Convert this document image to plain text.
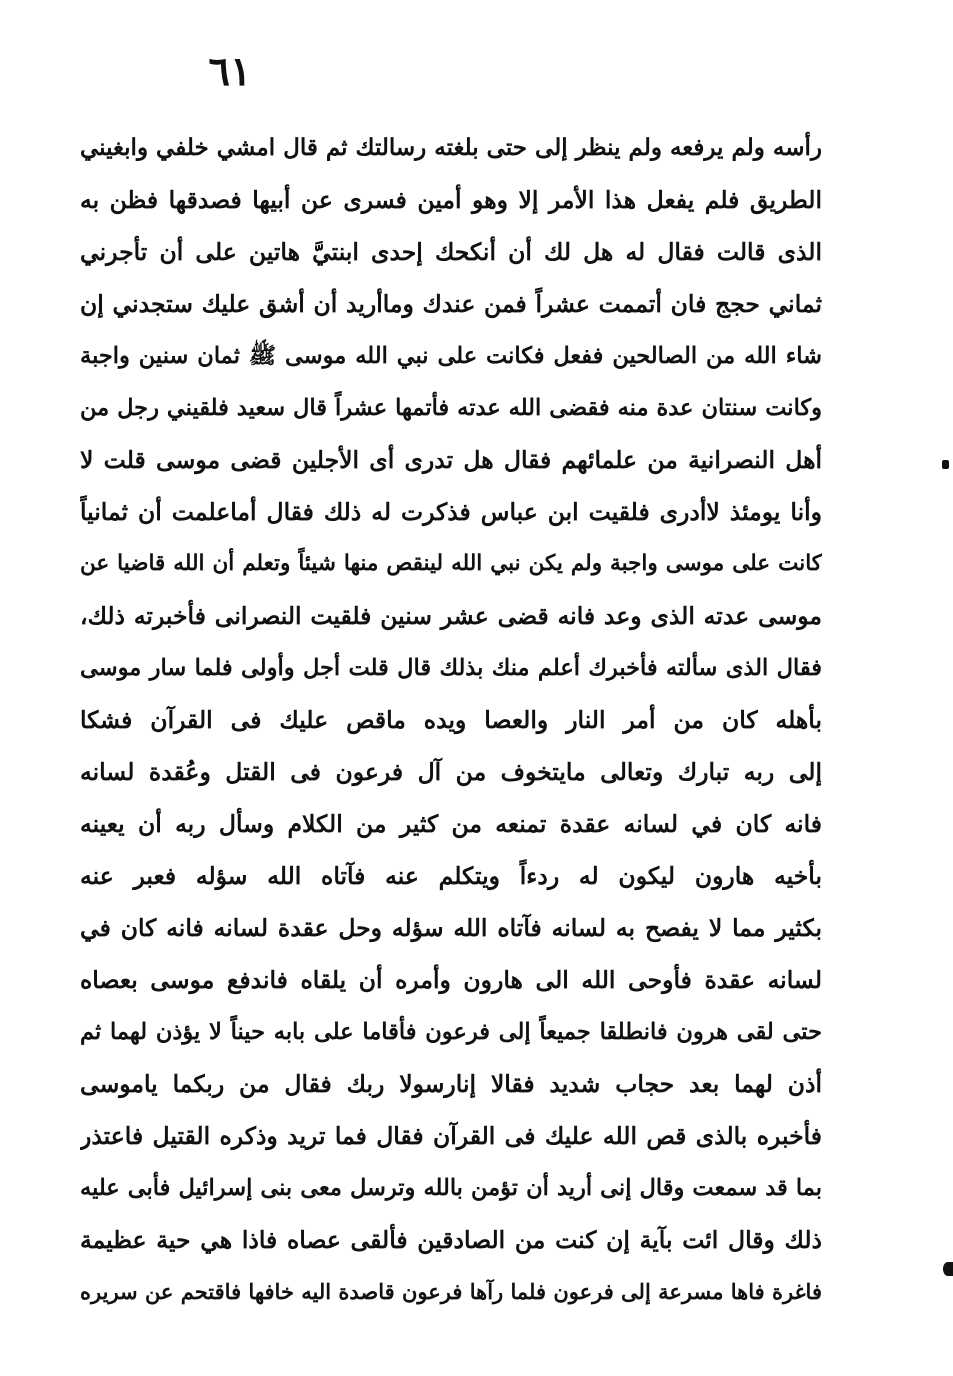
٦١
رأسه ولم يرفعه ولم ينظر إلى حتى بلغته رسالتك ثم قال امشي خلفي وابغيني
الطريق فلم يفعل هذا الأمر إلا وهو أمين فسرى عن أبيها فصدقها فظن به
الذى قالت فقال له هل لك أن أنكحك إحدى ابنتيَّ هاتين على أن تأجرني
ثماني حجج فان أتممت عشراً فمن عندك وماأريد أن أشق عليك ستجدني إن
شاء الله من الصالحين ففعل فكانت على نبي الله موسى ﷺ ثمان سنين واجبة
وكانت سنتان عدة منه فقضى الله عدته فأتمها عشراً قال سعيد فلقيني رجل من
أهل النصرانية من علمائهم فقال هل تدرى أى الأجلين قضى موسى قلت لا
وأنا يومئذ لاأدرى فلقيت ابن عباس فذكرت له ذلك فقال أماعلمت أن ثمانياً
كانت على موسى واجبة ولم يكن نبي الله لينقص منها شيئاً وتعلم أن الله قاضيا عن
موسى عدته الذى وعد فانه قضى عشر سنين فلقيت النصرانى فأخبرته ذلك،
فقال الذى سألته فأخبرك أعلم منك بذلك قال قلت أجل وأولى فلما سار موسى
بأهله كان من أمر النار والعصا ويده ماقص عليك فى القرآن فشكا
إلى ربه تبارك وتعالى مايتخوف من آل فرعون فى القتل وعُقدة لسانه
فانه كان في لسانه عقدة تمنعه من كثير من الكلام وسأل ربه أن يعينه
بأخيه هارون ليكون له ردءاً ويتكلم عنه فآتاه الله سؤله فعبر عنه
بكثير مما لا يفصح به لسانه فآتاه الله سؤله وحل عقدة لسانه فانه كان في
لسانه عقدة فأوحى الله الى هارون وأمره أن يلقاه فاندفع موسى بعصاه
حتى لقى هرون فانطلقا جميعاً إلى فرعون فأقاما على بابه حيناً لا يؤذن لهما ثم
أذن لهما بعد حجاب شديد فقالا إنارسولا ربك فقال من ربكما ياموسى
فأخبره بالذى قص الله عليك فى القرآن فقال فما تريد وذكره القتيل فاعتذر
بما قد سمعت وقال إنى أريد أن تؤمن بالله وترسل معى بنى إسرائيل فأبى عليه
ذلك وقال ائت بآية إن كنت من الصادقين فألقى عصاه فاذا هي حية عظيمة
فاغرة فاها مسرعة إلى فرعون فلما رآها فرعون قاصدة اليه خافها فاقتحم عن سريره
